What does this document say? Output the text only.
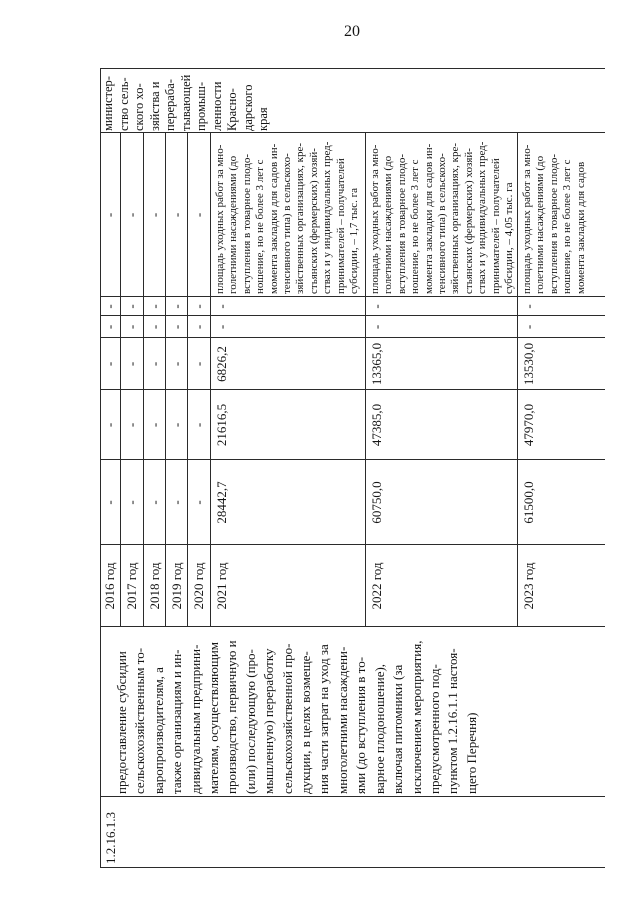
20
1.2.16.1.3
предоставление субсидии сельскохозяйственным то- варопроизводителям, а также организациям и ин- дивидуальным предприни- мателям, осуществляющим производство, первичную и (или) последующую (про- мышленную) переработку сельскохозяйственной про- дукции, в целях возмеще- ния части затрат на уход за многолетними насаждени- ями (до вступления в то- варное плодоношение), включая питомники (за исключением мероприятия, предусмотренного под- пунктом 1.2.16.1.1 настоя- щего Перечня)
2016 год
-
-
-
-
-
-
2017 год
-
-
-
-
-
-
2018 год
-
-
-
-
-
-
2019 год
-
-
-
-
-
-
2020 год
-
-
-
-
-
-
2021 год
28442,7
21616,5
6826,2
-
-
площадь уходных работ за мно- голетними насаждениями (до вступления в товарное плодо- ношение, но не более 3 лет с момента закладки для садов ин- тенсивного типа) в сельскохо- зяйственных организациях, кре- стьянских (фермерских) хозяй- ствах и у индивидуальных пред- принимателей – получателей субсидии, – 1,7 тыс. га
2022 год
60750,0
47385,0
13365,0
-
-
площадь уходных работ за мно- голетними насаждениями (до вступления в товарное плодо- ношение, но не более 3 лет с момента закладки для садов ин- тенсивного типа) в сельскохо- зяйственных организациях, кре- стьянских (фермерских) хозяй- ствах и у индивидуальных пред- принимателей – получателей субсидии, – 4,05 тыс. га
2023 год
61500,0
47970,0
13530,0
-
-
площадь уходных работ за мно- голетними насаждениями (до вступления в товарное плодо- ношение, но не более 3 лет с момента закладки для садов
министер- ство сель- ского хо- зяйства и перераба- тывающей промыш- ленности Красно- дарского края
